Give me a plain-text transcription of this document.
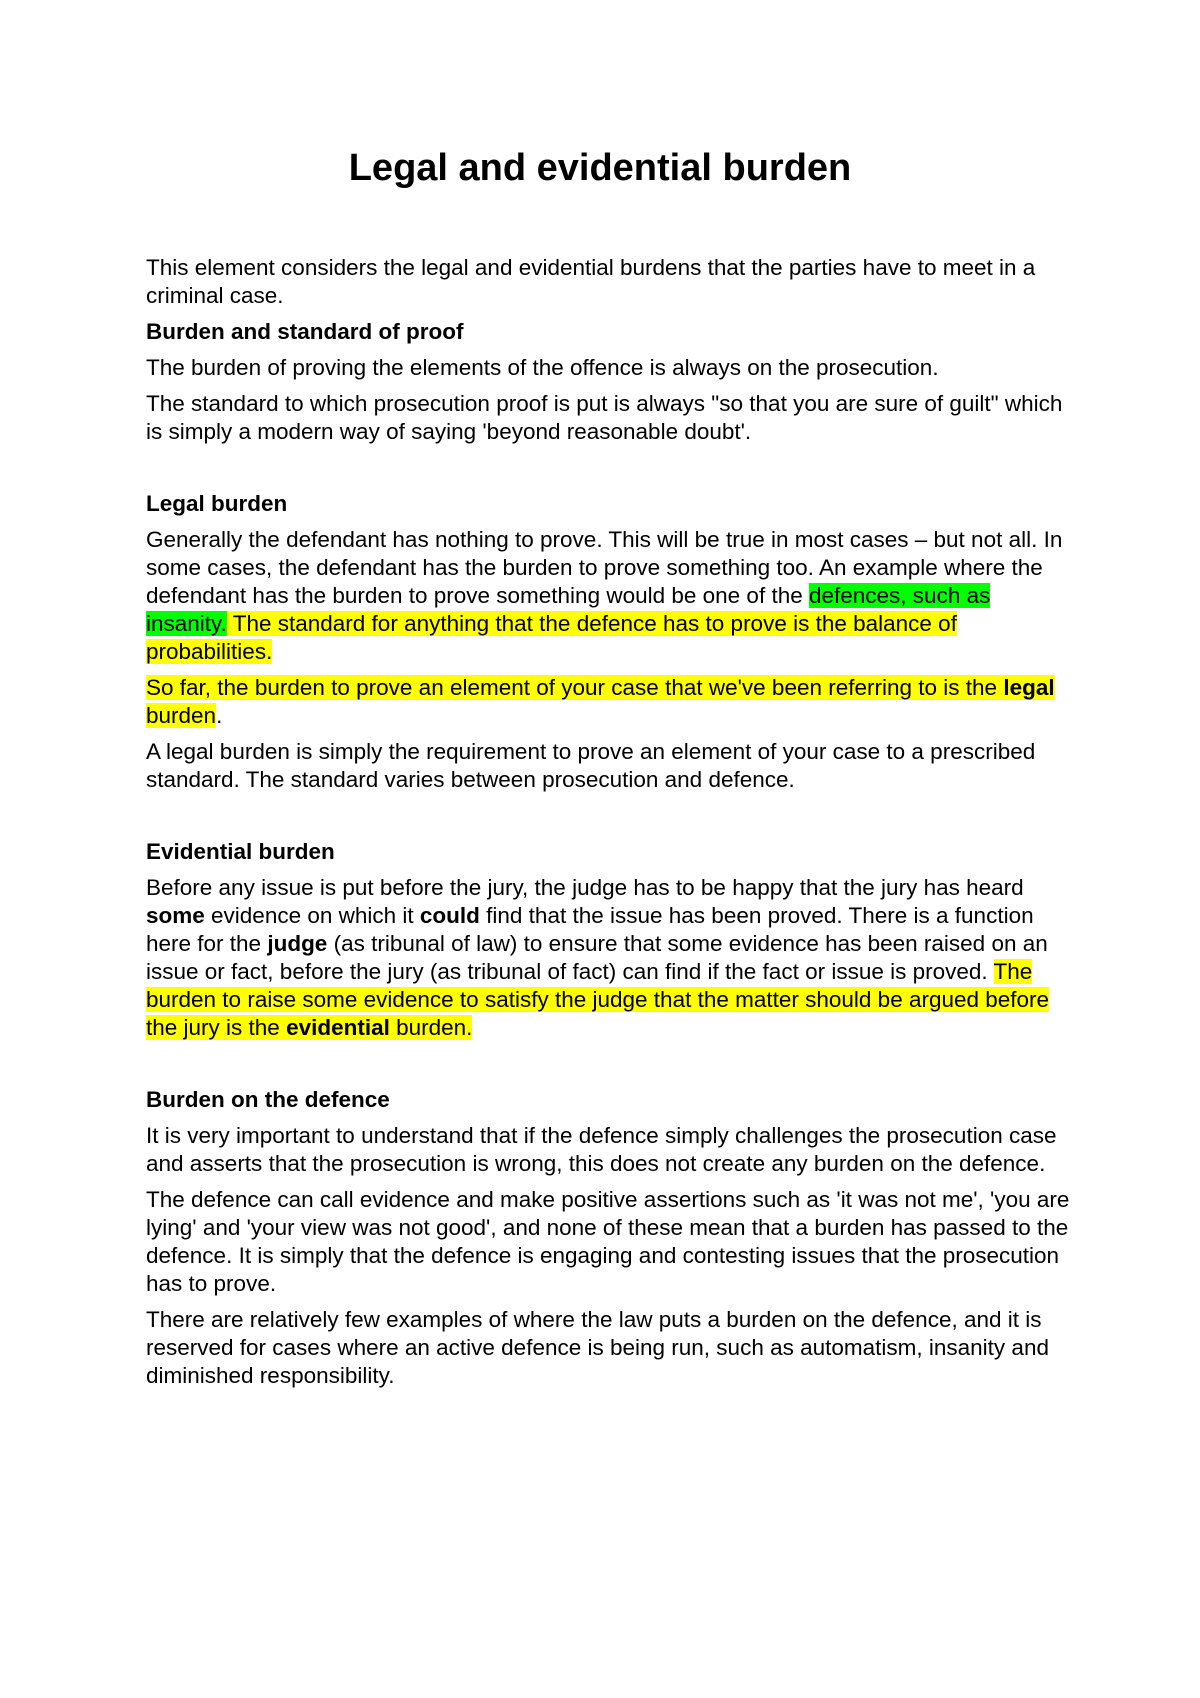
Legal and evidential burden

This element considers the legal and evidential burdens that the parties have to meet in a criminal case.

Burden and standard of proof

The burden of proving the elements of the offence is always on the prosecution.

The standard to which prosecution proof is put is always "so that you are sure of guilt" which is simply a modern way of saying 'beyond reasonable doubt'.

Legal burden

Generally the defendant has nothing to prove. This will be true in most cases – but not all. In some cases, the defendant has the burden to prove something too. An example where the defendant has the burden to prove something would be one of the defences, such as insanity. The standard for anything that the defence has to prove is the balance of probabilities.

So far, the burden to prove an element of your case that we've been referring to is the legal burden.

A legal burden is simply the requirement to prove an element of your case to a prescribed standard. The standard varies between prosecution and defence.

Evidential burden

Before any issue is put before the jury, the judge has to be happy that the jury has heard some evidence on which it could find that the issue has been proved. There is a function here for the judge (as tribunal of law) to ensure that some evidence has been raised on an issue or fact, before the jury (as tribunal of fact) can find if the fact or issue is proved. The burden to raise some evidence to satisfy the judge that the matter should be argued before the jury is the evidential burden.

Burden on the defence

It is very important to understand that if the defence simply challenges the prosecution case and asserts that the prosecution is wrong, this does not create any burden on the defence.

The defence can call evidence and make positive assertions such as 'it was not me', 'you are lying' and 'your view was not good', and none of these mean that a burden has passed to the defence. It is simply that the defence is engaging and contesting issues that the prosecution has to prove.

There are relatively few examples of where the law puts a burden on the defence, and it is reserved for cases where an active defence is being run, such as automatism, insanity and diminished responsibility.
